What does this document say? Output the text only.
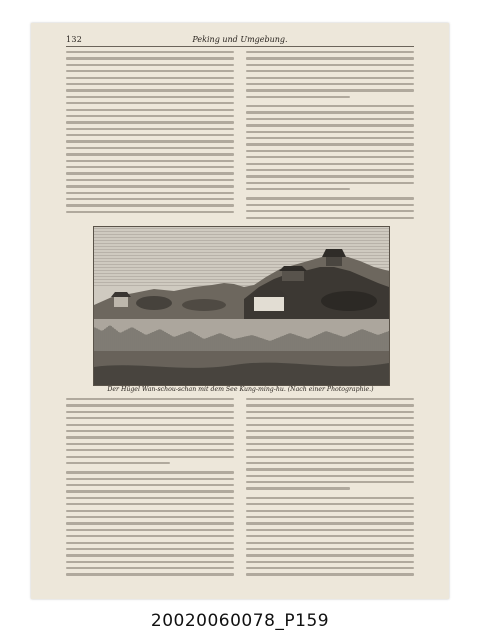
132	Peking und Umgebung.
Der Hügel Wan-schou-schan mit dem See Kung-ming-hu. (Nach einer Photographie.)
20020060078_P159
